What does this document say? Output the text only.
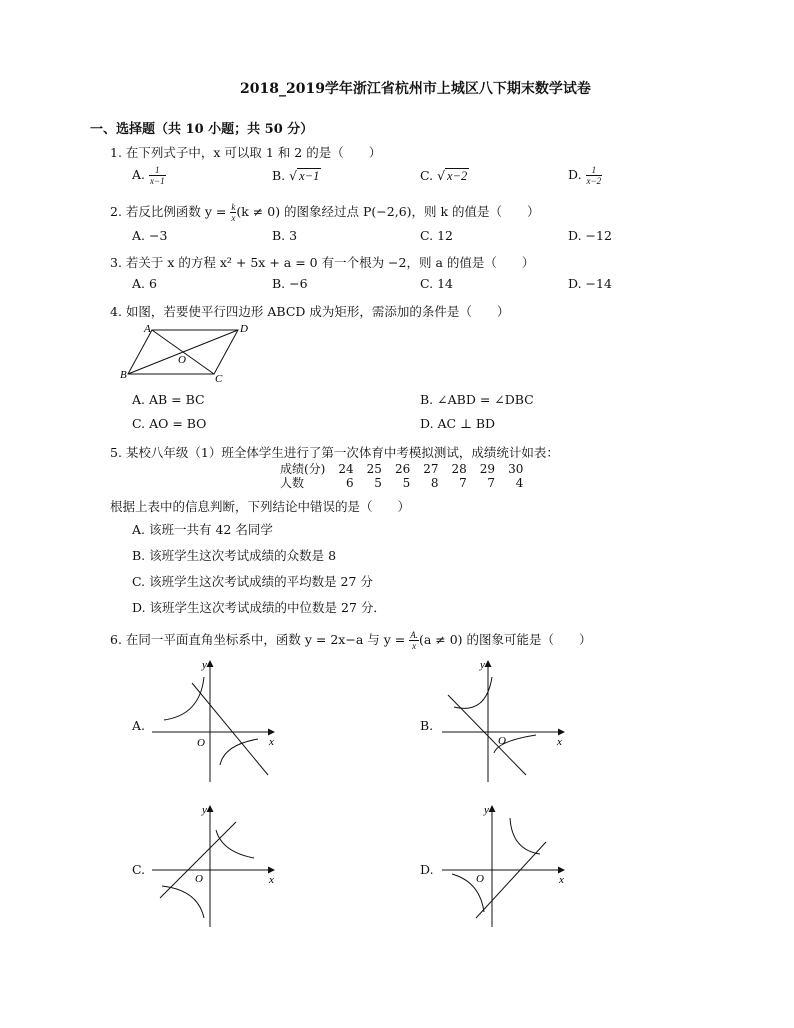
2018_2019学年浙江省杭州市上城区八下期末数学试卷
一、选择题（共 10 小题；共 50 分）
1. 在下列式子中，x 可以取 1 和 2 的是（　　）
A. $\frac{1}{x-1}$	B. √ x−1	C. √ x−2	D. $\frac{1}{x-2}$
2. 若反比例函数 $y = \frac{k}{x} (k \ne 0)$ 的图象经过点 P(−2,6)，则 k 的值是（　　）
A. −3	B. 3	C. 12	D. −12
3. 若关于 x 的方程 x² + 5x + a = 0 有一个根为 −2，则 a 的值是（　　）
A. 6	B. −6	C. 14	D. −14
4. 如图，若要使平行四边形 ABCD 成为矩形，需添加的条件是（　　）
A	D
B	C
O
A. AB = BC	B. ∠ABD = ∠DBC
C. AO = BO	D. AC ⊥ BD
5. 某校八年级（1）班全体学生进行了第一次体育中考模拟测试，成绩统计如表：
成绩(分)	24	25	26	27	28	29	30
人数	6	5	5	8	7	7	4
根据上表中的信息判断，下列结论中错误的是（　　）
A. 该班一共有 42 名同学
B. 该班学生这次考试成绩的众数是 8
C. 该班学生这次考试成绩的平均数是 27 分
D. 该班学生这次考试成绩的中位数是 27 分．
6. 在同一平面直角坐标系中，函数 y = 2x−a 与 $y = \frac{A.}{x} (a \ne 0)$ 的图象可能是（　　）
A.	B.
C.	D.
y
x
O
y
x
O
y
x
O
y
x
O
